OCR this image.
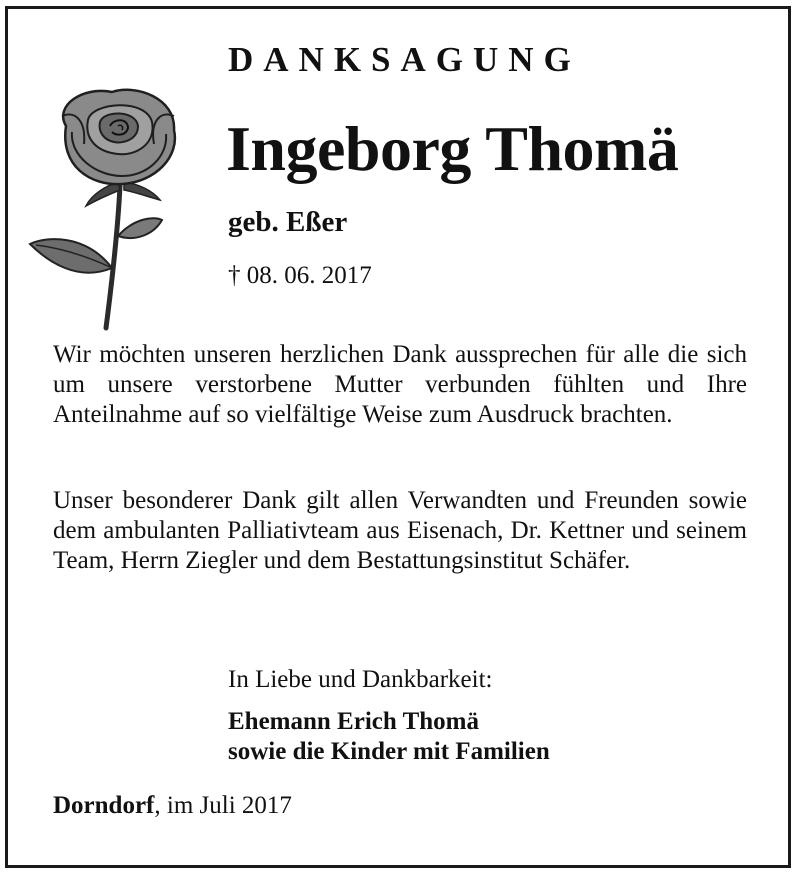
DANKSAGUNG
Ingeborg Thomä
geb. Eßer
† 08. 06. 2017
Wir möchten unseren herzlichen Dank aussprechen für alle die sich um unsere verstorbene Mutter verbunden fühlten und Ihre Anteilnahme auf so vielfältige Weise zum Ausdruck brachten.
Unser besonderer Dank gilt allen Verwandten und Freunden sowie dem ambulanten Palliativteam aus Eisenach, Dr. Kettner und seinem Team, Herrn Ziegler und dem Bestattungsinstitut Schäfer.
In Liebe und Dankbarkeit:
Ehemann Erich Thomä
sowie die Kinder mit Familien
Dorndorf, im Juli 2017
